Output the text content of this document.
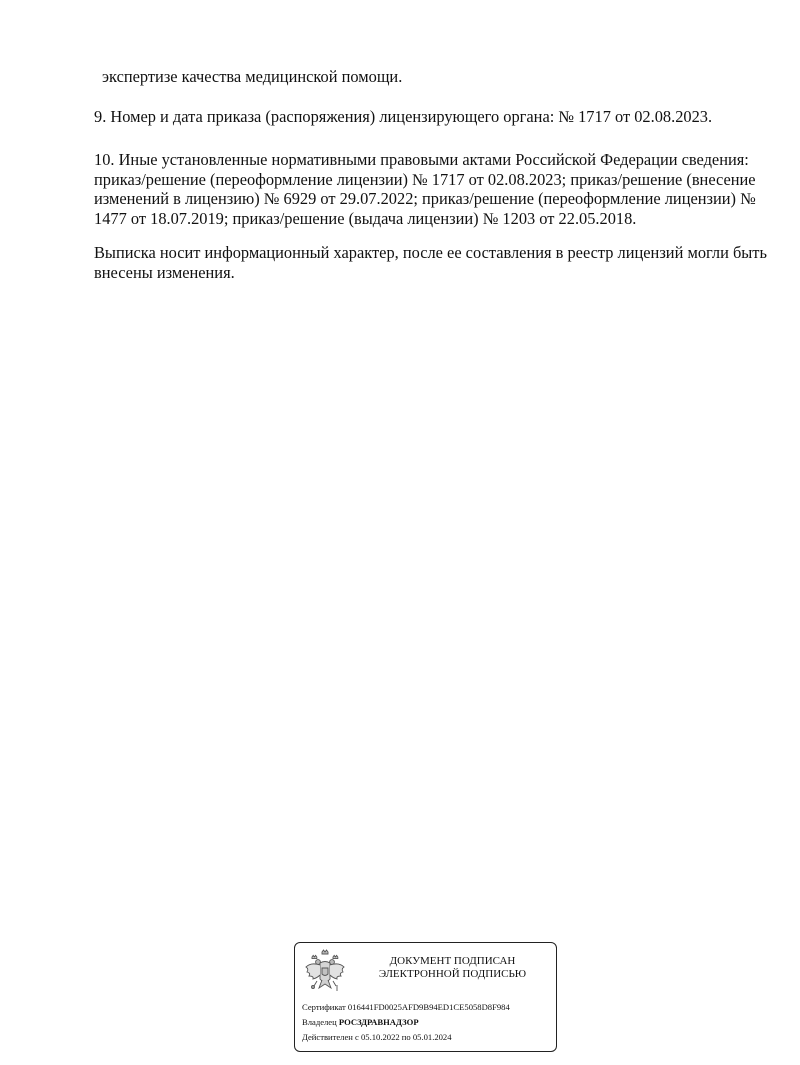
экспертизе качества медицинской помощи.

9. Номер и дата приказа (распоряжения) лицензирующего органа: № 1717 от 02.08.2023.

10. Иные установленные нормативными правовыми актами Российской Федерации сведения:
приказ/решение (переоформление лицензии) № 1717 от 02.08.2023; приказ/решение (внесение
изменений в лицензию) № 6929 от 29.07.2022; приказ/решение (переоформление лицензии) №
1477 от 18.07.2019; приказ/решение (выдача лицензии) № 1203 от 22.05.2018.

Выписка носит информационный характер, после ее составления в реестр лицензий могли быть
внесены изменения.

ДОКУМЕНТ ПОДПИСАН
ЭЛЕКТРОННОЙ ПОДПИСЬЮ
Сертификат 016441FD0025AFD9B94ED1CE5058D8F984
Владелец РОСЗДРАВНАДЗОР
Действителен с 05.10.2022 по 05.01.2024
